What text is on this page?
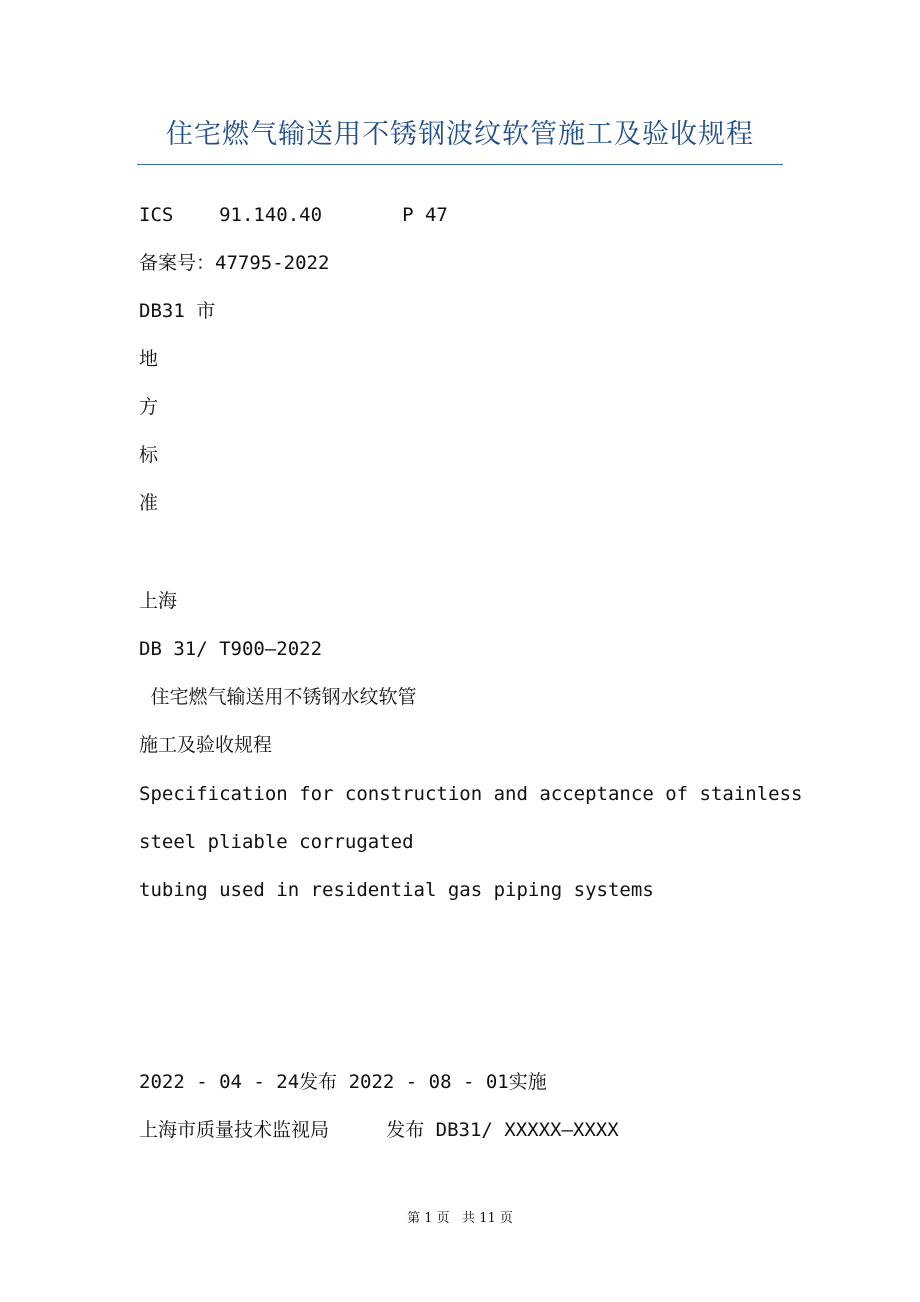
住宅燃气输送用不锈钢波纹软管施工及验收规程
ICS    91.140.40       P 47
备案号：47795-2022
DB31 市
地
方
标
准
上海
DB 31/ T900—2022
住宅燃气输送用不锈钢水纹软管
施工及验收规程
Specification for construction and acceptance of stainless
steel pliable corrugated
tubing used in residential gas piping systems
2022 - 04 - 24发布 2022 - 08 - 01实施
上海市质量技术监视局     发布 DB31/ XXXXX—XXXX
第 1 页   共 11 页
